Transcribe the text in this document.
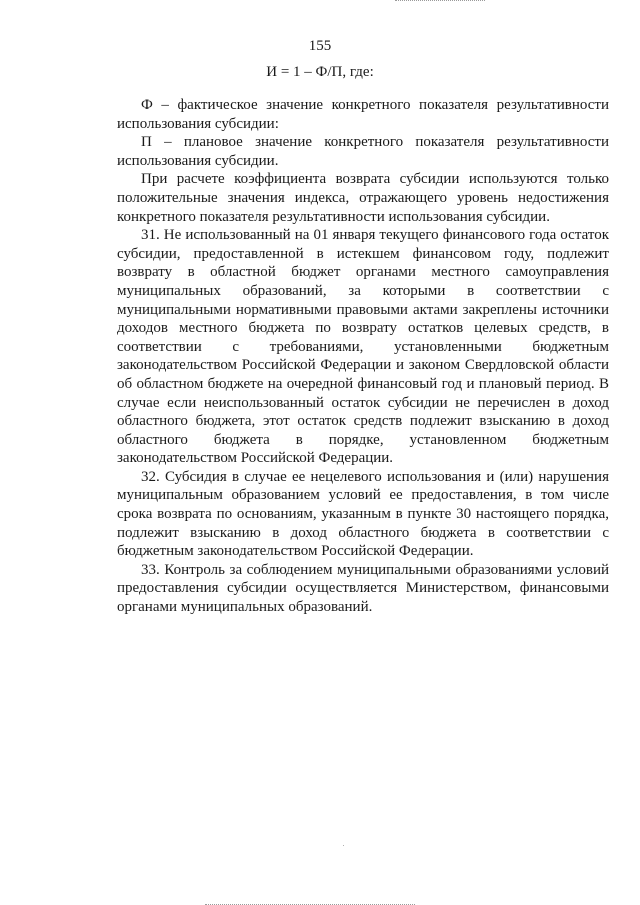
155
И = 1 – Ф/П, где:

Ф – фактическое значение конкретного показателя результативности использования субсидии:

П – плановое значение конкретного показателя результативности использования субсидии.

При расчете коэффициента возврата субсидии используются только положительные значения индекса, отражающего уровень недостижения конкретного показателя результативности использования субсидии.

31. Не использованный на 01 января текущего финансового года остаток субсидии, предоставленной в истекшем финансовом году, подлежит возврату в областной бюджет органами местного самоуправления муниципальных образований, за которыми в соответствии с муниципальными нормативными правовыми актами закреплены источники доходов местного бюджета по возврату остатков целевых средств, в соответствии с требованиями, установленными бюджетным законодательством Российской Федерации и законом Свердловской области об областном бюджете на очередной финансовый год и плановый период. В случае если неиспользованный остаток субсидии не перечислен в доход областного бюджета, этот остаток средств подлежит взысканию в доход областного бюджета в порядке, установленном бюджетным законодательством Российской Федерации.

32. Субсидия в случае ее нецелевого использования и (или) нарушения муниципальным образованием условий ее предоставления, в том числе срока возврата по основаниям, указанным в пункте 30 настоящего порядка, подлежит взысканию в доход областного бюджета в соответствии с бюджетным законодательством Российской Федерации.

33. Контроль за соблюдением муниципальными образованиями условий предоставления субсидии осуществляется Министерством, финансовыми органами муниципальных образований.
